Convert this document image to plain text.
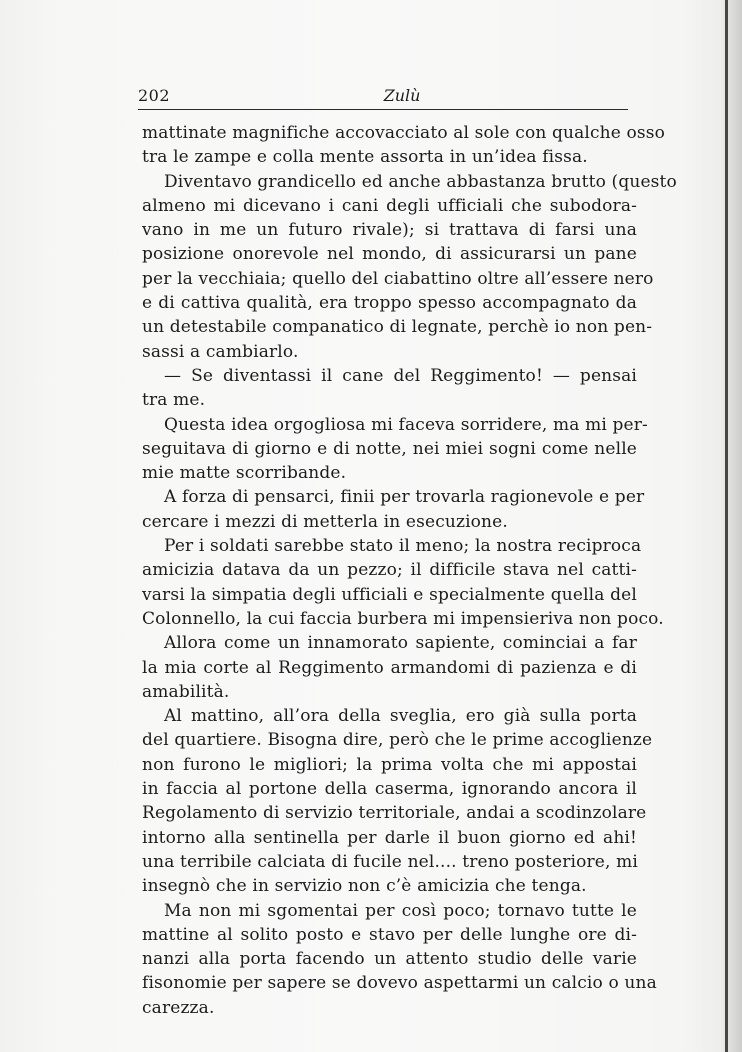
202	Zulù
mattinate magnifiche accovacciato al sole con qualche osso
tra le zampe e colla mente assorta in un’idea fissa.
Diventavo grandicello ed anche abbastanza brutto (questo
almeno mi dicevano i cani degli ufficiali che subodora-
vano in me un futuro rivale); si trattava di farsi una
posizione onorevole nel mondo, di assicurarsi un pane
per la vecchiaia; quello del ciabattino oltre all’essere nero
e di cattiva qualità, era troppo spesso accompagnato da
un detestabile companatico di legnate, perchè io non pen-
sassi a cambiarlo.
— Se diventassi il cane del Reggimento! — pensai
tra me.
Questa idea orgogliosa mi faceva sorridere, ma mi per-
seguitava di giorno e di notte, nei miei sogni come nelle
mie matte scorribande.
A forza di pensarci, finii per trovarla ragionevole e per
cercare i mezzi di metterla in esecuzione.
Per i soldati sarebbe stato il meno; la nostra reciproca
amicizia datava da un pezzo; il difficile stava nel catti-
varsi la simpatia degli ufficiali e specialmente quella del
Colonnello, la cui faccia burbera mi impensieriva non poco.
Allora come un innamorato sapiente, cominciai a far
la mia corte al Reggimento armandomi di pazienza e di
amabilità.
Al mattino, all’ora della sveglia, ero già sulla porta
del quartiere. Bisogna dire, però che le prime accoglienze
non furono le migliori; la prima volta che mi appostai
in faccia al portone della caserma, ignorando ancora il
Regolamento di servizio territoriale, andai a scodinzolare
intorno alla sentinella per darle il buon giorno ed ahi!
una terribile calciata di fucile nel.... treno posteriore, mi
insegnò che in servizio non c’è amicizia che tenga.
Ma non mi sgomentai per così poco; tornavo tutte le
mattine al solito posto e stavo per delle lunghe ore di-
nanzi alla porta facendo un attento studio delle varie
fisonomie per sapere se dovevo aspettarmi un calcio o una
carezza.
